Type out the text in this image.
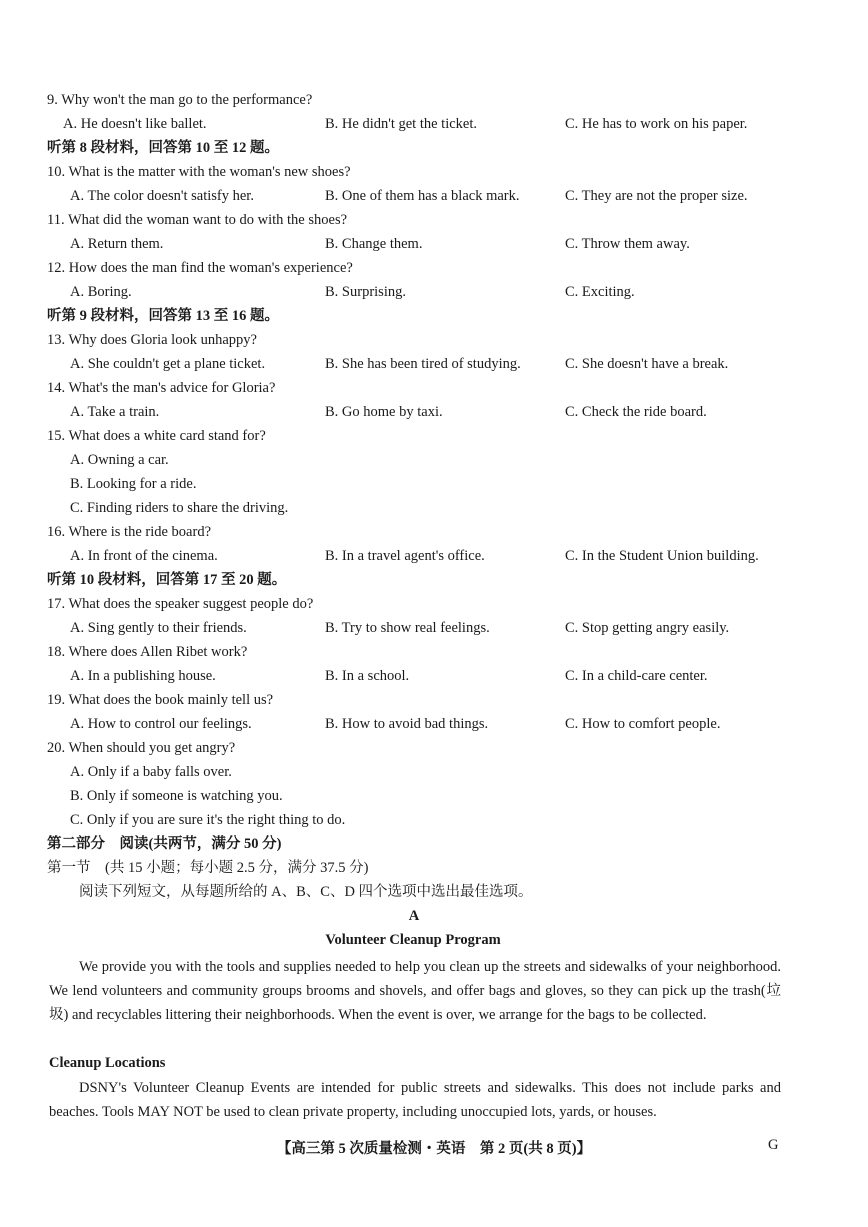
9. Why won't the man go to the performance?
A. He doesn't like ballet.	B. He didn't get the ticket.	C. He has to work on his paper.
听第 8 段材料，回答第 10 至 12 题。
10. What is the matter with the woman's new shoes?
A. The color doesn't satisfy her.	B. One of them has a black mark.	C. They are not the proper size.
11. What did the woman want to do with the shoes?
A. Return them.	B. Change them.	C. Throw them away.
12. How does the man find the woman's experience?
A. Boring.	B. Surprising.	C. Exciting.
听第 9 段材料，回答第 13 至 16 题。
13. Why does Gloria look unhappy?
A. She couldn't get a plane ticket.	B. She has been tired of studying.	C. She doesn't have a break.
14. What's the man's advice for Gloria?
A. Take a train.	B. Go home by taxi.	C. Check the ride board.
15. What does a white card stand for?
A. Owning a car.
B. Looking for a ride.
C. Finding riders to share the driving.
16. Where is the ride board?
A. In front of the cinema.	B. In a travel agent's office.	C. In the Student Union building.
听第 10 段材料，回答第 17 至 20 题。
17. What does the speaker suggest people do?
A. Sing gently to their friends.	B. Try to show real feelings.	C. Stop getting angry easily.
18. Where does Allen Ribet work?
A. In a publishing house.	B. In a school.	C. In a child-care center.
19. What does the book mainly tell us?
A. How to control our feelings.	B. How to avoid bad things.	C. How to comfort people.
20. When should you get angry?
A. Only if a baby falls over.
B. Only if someone is watching you.
C. Only if you are sure it's the right thing to do.
第二部分　阅读(共两节，满分 50 分)
第一节　(共 15 小题；每小题 2.5 分，满分 37.5 分)
阅读下列短文，从每题所给的 A、B、C、D 四个选项中选出最佳选项。
A
Volunteer Cleanup Program
We provide you with the tools and supplies needed to help you clean up the streets and sidewalks of your neighborhood. We lend volunteers and community groups brooms and shovels, and offer bags and gloves, so they can pick up the trash(垃圾) and recyclables littering their neighborhoods. When the event is over, we arrange for the bags to be collected.
Cleanup Locations
DSNY's Volunteer Cleanup Events are intended for public streets and sidewalks. This does not include parks and beaches. Tools MAY NOT be used to clean private property, including unoccupied lots, yards, or houses.
【高三第 5 次质量检测・英语　第 2 页(共 8 页)】	G
